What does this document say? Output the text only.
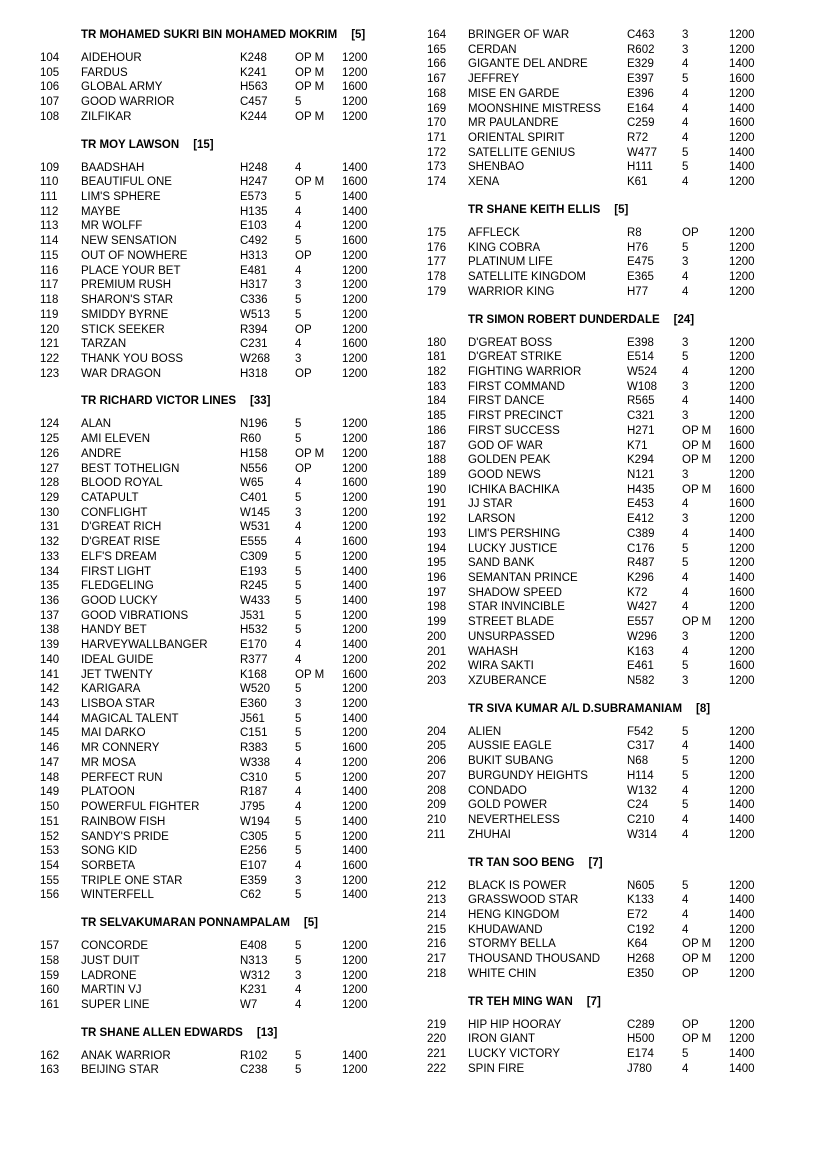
TR MOHAMED SUKRI BIN MOHAMED MOKRIM [5]
104 AIDEHOUR	K248 OP M 1200
105 FARDUS	K241 OP M 1200
106 GLOBAL ARMY	H563 OP M 1600
107 GOOD WARRIOR	C457 5	1200
108 ZILFIKAR	K244 OP M 1200
TR MOY LAWSON [15]
109 BAADSHAH	H248 4	1400
110 BEAUTIFUL ONE	H247 OP M 1600
111 LIM'S SPHERE	E573 5	1400
112 MAYBE	H135 4	1400
113 MR WOLFF	E103 4	1200
114 NEW SENSATION	C492 5	1600
115 OUT OF NOWHERE	H313 OP	1200
116 PLACE YOUR BET	E481 4	1200
117 PREMIUM RUSH	H317 3	1200
118 SHARON'S STAR	C336 5	1200
119 SMIDDY BYRNE	W513 5	1200
120 STICK SEEKER	R394 OP	1200
121 TARZAN	C231 4	1600
122 THANK YOU BOSS	W268 3	1200
123 WAR DRAGON	H318 OP	1200
TR RICHARD VICTOR LINES [33]
124 ALAN	N196 5	1200
125 AMI ELEVEN	R60	5	1200
126 ANDRE	H158 OP M 1200
127 BEST TOTHELIGN	N556 OP	1200
128 BLOOD ROYAL	W65	4	1600
129 CATAPULT	C401 5	1200
130 CONFLIGHT	W145 3	1200
131 D'GREAT RICH	W531 4	1200
132 D'GREAT RISE	E555 4	1600
133 ELF'S DREAM	C309 5	1200
134 FIRST LIGHT	E193 5	1400
135 FLEDGELING	R245 5	1400
136 GOOD LUCKY	W433 5	1400
137 GOOD VIBRATIONS	J531	5	1200
138 HANDY BET	H532 5	1200
139 HARVEYWALLBANGER	E170 4	1400
140 IDEAL GUIDE	R377 4	1200
141 JET TWENTY	K168 OP M 1600
142 KARIGARA	W520 5	1200
143 LISBOA STAR	E360 3	1200
144 MAGICAL TALENT	J561	5	1400
145 MAI DARKO	C151 5	1200
146 MR CONNERY	R383 5	1600
147 MR MOSA	W338 4	1200
148 PERFECT RUN	C310 5	1200
149 PLATOON	R187 4	1400
150 POWERFUL FIGHTER	J795	4	1200
151 RAINBOW FISH	W194 5	1400
152 SANDY'S PRIDE	C305 5	1200
153 SONG KID	E256 5	1400
154 SORBETA	E107 4	1600
155 TRIPLE ONE STAR	E359 3	1200
156 WINTERFELL	C62	5	1400
TR SELVAKUMARAN PONNAMPALAM [5]
157 CONCORDE	E408 5	1200
158 JUST DUIT	N313 5	1200
159 LADRONE	W312 3	1200
160 MARTIN VJ	K231 4	1200
161 SUPER LINE	W7	4	1200
TR SHANE ALLEN EDWARDS [13]
162 ANAK WARRIOR	R102 5	1400
163 BEIJING STAR	C238 5	1200
164 BRINGER OF WAR	C463 3	1200
165 CERDAN	R602 3	1200
166 GIGANTE DEL ANDRE	E329 4	1400
167 JEFFREY	E397 5	1600
168 MISE EN GARDE	E396 4	1200
169 MOONSHINE MISTRESS E164 4	1400
170 MR PAULANDRE	C259 4	1600
171 ORIENTAL SPIRIT	R72	4	1200
172 SATELLITE GENIUS	W477 5	1400
173 SHENBAO	H111	5	1400
174 XENA	K61	4	1200
TR SHANE KEITH ELLIS [5]
175 AFFLECK	R8	OP	1200
176 KING COBRA	H76	5	1200
177 PLATINUM LIFE	E475 3	1200
178 SATELLITE KINGDOM	E365 4	1200
179 WARRIOR KING	H77	4	1200
TR SIMON ROBERT DUNDERDALE [24]
180 D'GREAT BOSS	E398 3	1200
181 D'GREAT STRIKE	E514 5	1200
182 FIGHTING WARRIOR	W524 4	1200
183 FIRST COMMAND	W108 3	1200
184 FIRST DANCE	R565 4	1400
185 FIRST PRECINCT	C321 3	1200
186 FIRST SUCCESS	H271 OP M 1600
187 GOD OF WAR	K71	OP M 1600
188 GOLDEN PEAK	K294 OP M 1200
189 GOOD NEWS	N121 3	1200
190 ICHIKA BACHIKA	H435 OP M 1600
191 JJ STAR	E453 4	1600
192 LARSON	E412 3	1200
193 LIM'S PERSHING	C389 4	1400
194 LUCKY JUSTICE	C176 5	1200
195 SAND BANK	R487 5	1200
196 SEMANTAN PRINCE	K296 4	1400
197 SHADOW SPEED	K72	4	1600
198 STAR INVINCIBLE	W427 4	1200
199 STREET BLADE	E557 OP M 1200
200 UNSURPASSED	W296 3	1200
201 WAHASH	K163 4	1200
202 WIRA SAKTI	E461 5	1600
203 XZUBERANCE	N582 3	1200
TR SIVA KUMAR A/L D.SUBRAMANIAM [8]
204 ALIEN	F542	5	1200
205 AUSSIE EAGLE	C317 4	1400
206 BUKIT SUBANG	N68	5	1200
207 BURGUNDY HEIGHTS	H114 5	1200
208 CONDADO	W132 4	1200
209 GOLD POWER	C24	5	1400
210 NEVERTHELESS	C210 4	1400
211 ZHUHAI	W314 4	1200
TR TAN SOO BENG [7]
212 BLACK IS POWER	N605 5	1200
213 GRASSWOOD STAR	K133 4	1400
214 HENG KINGDOM	E72	4	1400
215 KHUDAWAND	C192 4	1200
216 STORMY BELLA	K64	OP M 1200
217 THOUSAND THOUSAND H268 OP M 1200
218 WHITE CHIN	E350 OP	1200
TR TEH MING WAN [7]
219 HIP HIP HOORAY	C289 OP	1200
220 IRON GIANT	H500 OP M 1200
221 LUCKY VICTORY	E174 5	1400
222 SPIN FIRE	J780	4	1400
